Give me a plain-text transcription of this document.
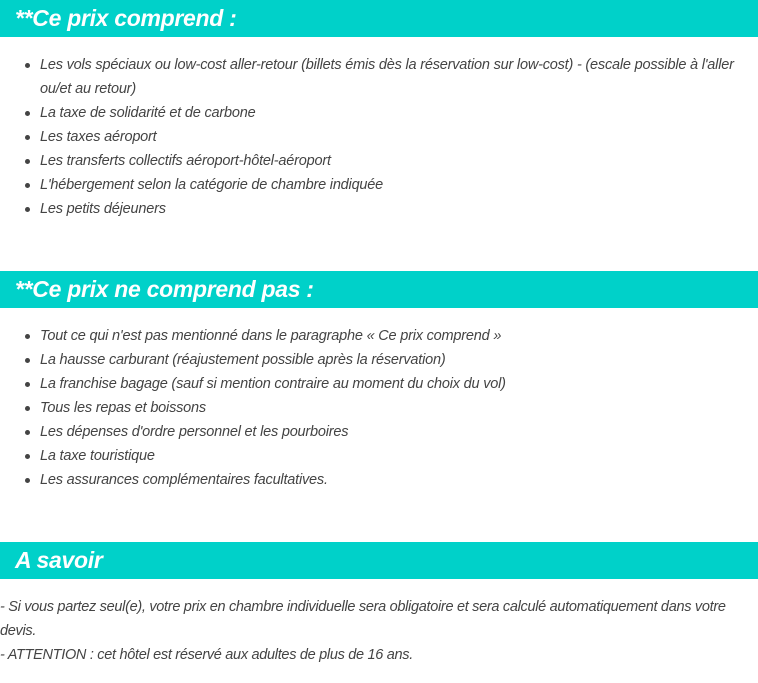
**Ce prix comprend :
Les vols spéciaux ou low-cost aller-retour (billets émis dès la réservation sur low-cost) - (escale possible à l'aller ou/et au retour)
La taxe de solidarité et de carbone
Les taxes aéroport
Les transferts collectifs aéroport-hôtel-aéroport
L'hébergement selon la catégorie de chambre indiquée
Les petits déjeuners
**Ce prix ne comprend pas :
Tout ce qui n'est pas mentionné dans le paragraphe « Ce prix comprend »
La hausse carburant (réajustement possible après la réservation)
La franchise bagage (sauf si mention contraire au moment du choix du vol)
Tous les repas et boissons
Les dépenses d'ordre personnel et les pourboires
La taxe touristique
Les assurances complémentaires facultatives.
A savoir
- Si vous partez seul(e), votre prix en chambre individuelle sera obligatoire et sera calculé automatiquement dans votre devis.
- ATTENTION : cet hôtel est réservé aux adultes de plus de 16 ans.
